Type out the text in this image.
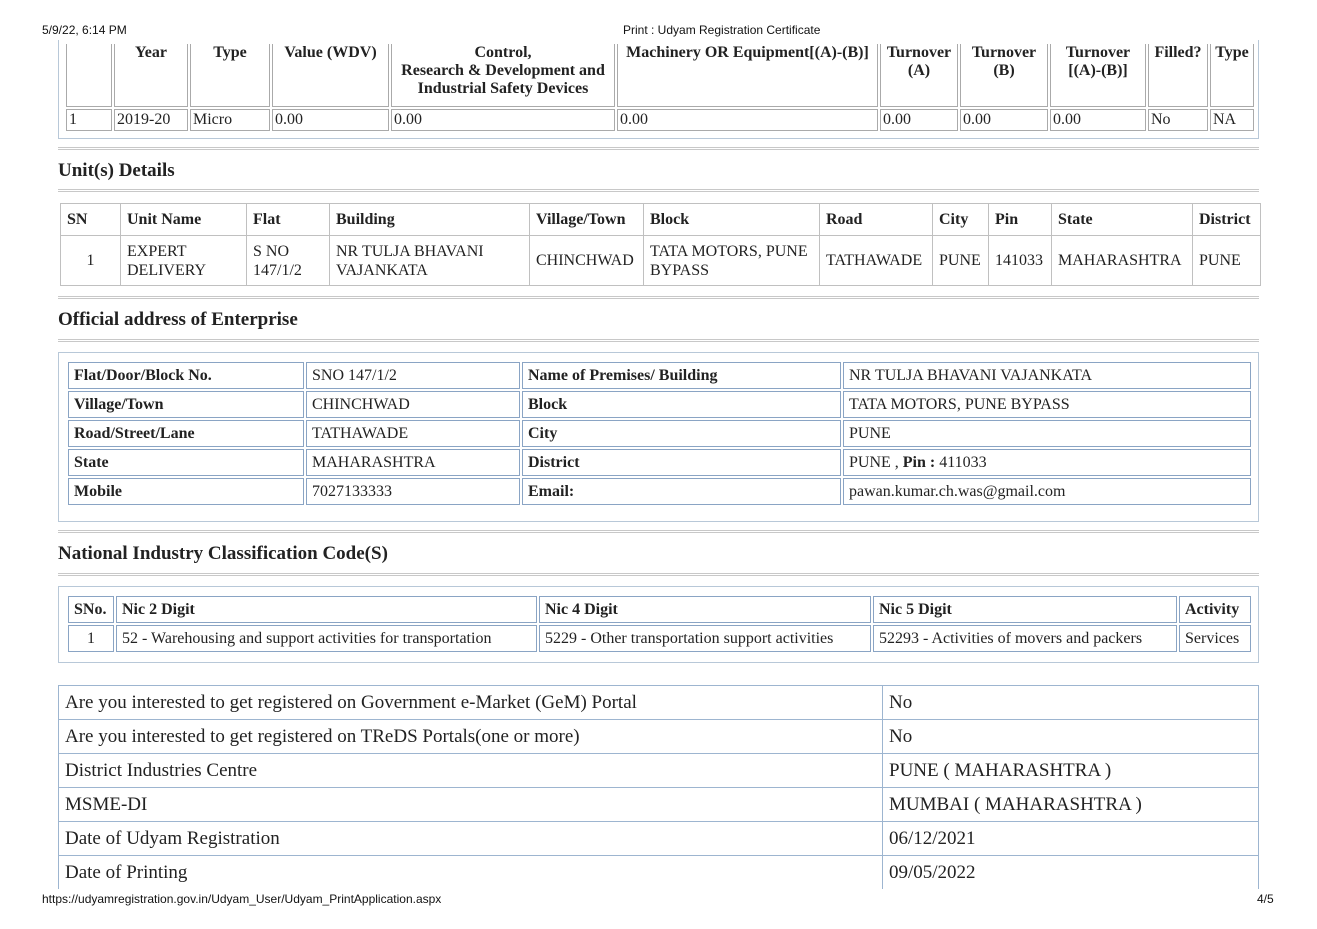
5/9/22, 6:14 PM	Print : Udyam Registration Certificate
https://udyamregistration.gov.in/Udyam_User/Udyam_PrintApplication.aspx	4/5
	Year	Type	Value (WDV)	Control,
Research & Development and
Industrial Safety Devices	Machinery OR Equipment[(A)-(B)]	Turnover
(A)	Turnover
(B)	Turnover
[(A)-(B)]	Filled?	Type
1	2019-20	Micro	0.00	0.00	0.00	0.00	0.00	0.00	No	NA
Unit(s) Details
SN	Unit Name	Flat	Building	Village/Town	Block	Road	City	Pin	State	District
1	EXPERT DELIVERY	S NO 147/1/2	NR TULJA BHAVANI VAJANKATA	CHINCHWAD	TATA MOTORS, PUNE BYPASS	TATHAWADE	PUNE	141033	MAHARASHTRA	PUNE
Official address of Enterprise
Flat/Door/Block No.	SNO 147/1/2	Name of Premises/ Building	NR TULJA BHAVANI VAJANKATA
Village/Town	CHINCHWAD	Block	TATA MOTORS, PUNE BYPASS
Road/Street/Lane	TATHAWADE	City	PUNE
State	MAHARASHTRA	District	PUNE , Pin : 411033
Mobile	7027133333	Email:	pawan.kumar.ch.was@gmail.com
National Industry Classification Code(S)
SNo.	Nic 2 Digit	Nic 4 Digit	Nic 5 Digit	Activity
1	52 - Warehousing and support activities for transportation	5229 - Other transportation support activities	52293 - Activities of movers and packers	Services
Are you interested to get registered on Government e-Market (GeM) Portal	No
Are you interested to get registered on TReDS Portals(one or more)	No
District Industries Centre	PUNE ( MAHARASHTRA )
MSME-DI	MUMBAI ( MAHARASHTRA )
Date of Udyam Registration	06/12/2021
Date of Printing	09/05/2022
